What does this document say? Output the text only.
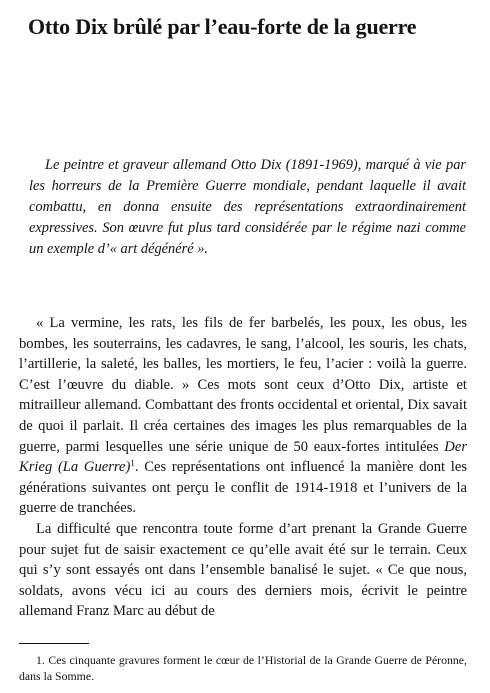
Otto Dix brûlé par l’eau-forte de la guerre

Le peintre et graveur allemand Otto Dix (1891-1969), marqué à vie par les horreurs de la Première Guerre mondiale, pendant laquelle il avait combattu, en donna ensuite des représentations extraordinairement expressives. Son œuvre fut plus tard considérée par le régime nazi comme un exemple d’« art dégénéré ».

« La vermine, les rats, les fils de fer barbelés, les poux, les obus, les bombes, les souterrains, les cadavres, le sang, l’alcool, les souris, les chats, l’artillerie, la saleté, les balles, les mortiers, le feu, l’acier : voilà la guerre. C’est l’œuvre du diable. » Ces mots sont ceux d’Otto Dix, artiste et mitrailleur allemand. Combattant des fronts occidental et oriental, Dix savait de quoi il parlait. Il créa certaines des images les plus remarquables de la guerre, parmi lesquelles une série unique de 50 eaux-fortes intitulées Der Krieg (La Guerre)$^1$. Ces représentations ont influencé la manière dont les générations suivantes ont perçu le conflit de 1914-1918 et l’univers de la guerre de tranchées.

La difficulté que rencontra toute forme d’art prenant la Grande Guerre pour sujet fut de saisir exactement ce qu’elle avait été sur le terrain. Ceux qui s’y sont essayés ont dans l’ensemble banalisé le sujet. « Ce que nous, soldats, avons vécu ici au cours des derniers mois, écrivit le peintre allemand Franz Marc au début de

1. Ces cinquante gravures forment le cœur de l’Historial de la Grande Guerre de Péronne, dans la Somme.
